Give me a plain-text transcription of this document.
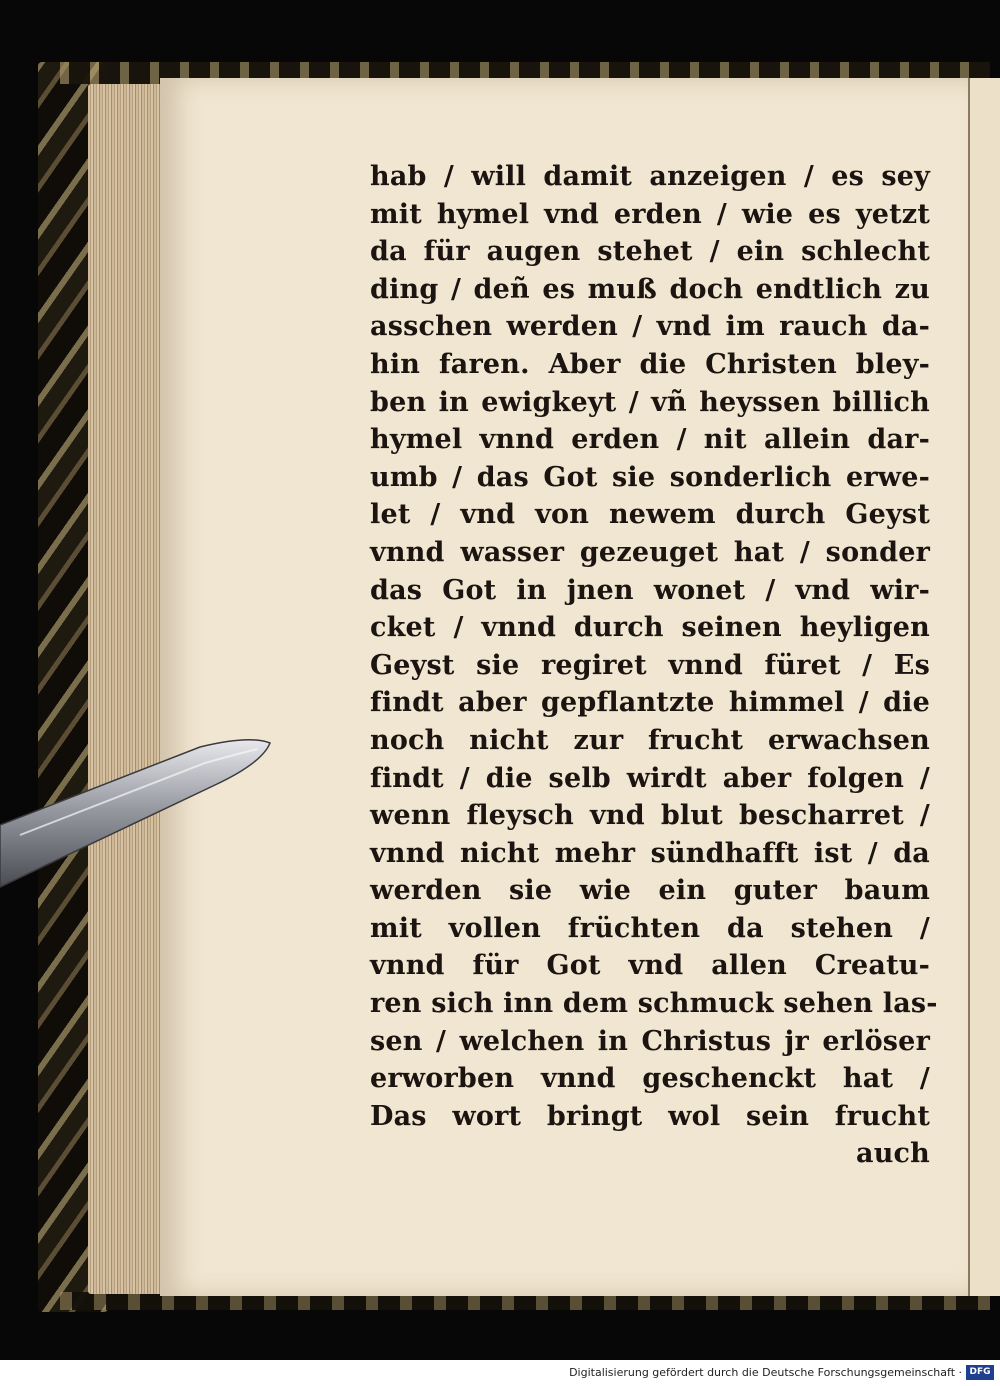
hab / will damit anzeigen / es sey
mit hymel vnd erden / wie es yetzt
da für augen stehet / ein schlecht
ding / deñ es muß doch endtlich zu
asschen werden / vnd im rauch da-
hin faren. Aber die Christen bley-
ben in ewigkeyt / vñ heyssen billich
hymel vnnd erden / nit allein dar-
umb / das Got sie sonderlich erwe-
let / vnd von newem durch Geyst
vnnd wasser gezeuget hat / sonder
das Got in jnen wonet / vnd wir-
cket / vnnd durch seinen heyligen
Geyst sie regiret vnnd füret / Es
findt aber gepflantzte himmel / die
noch nicht zur frucht erwachsen
findt / die selb wirdt aber folgen /
wenn fleysch vnd blut bescharret /
vnnd nicht mehr sündhafft ist / da
werden sie wie ein guter baum
mit vollen früchten da stehen /
vnnd für Got vnd allen Creatu-
ren sich inn dem schmuck sehen las-
sen / welchen in Christus jr erlöser
erworben vnnd geschenckt hat /
Das wort bringt wol sein frucht
auch
Digitalisierung gefördert durch die Deutsche Forschungsgemeinschaft · DFG
